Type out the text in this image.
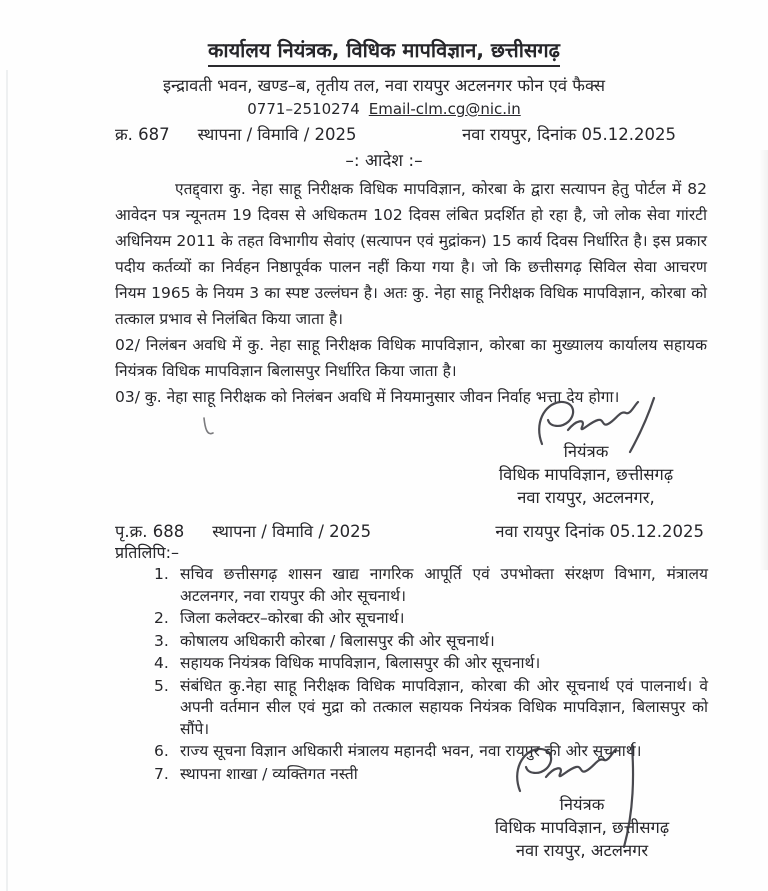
कार्यालय नियंत्रक, विधिक मापविज्ञान, छत्तीसगढ़
इन्द्रावती भवन, खण्ड–ब, तृतीय तल, नवा रायपुर अटलनगर फोन एवं फैक्स
0771–2510274 Email-clm.cg@nic.in
क्र. 687 स्थापना / विमावि / 2025	नवा रायपुर, दिनांक 05.12.2025
–: आदेश :–

एतद्द्वारा कु. नेहा साहू निरीक्षक विधिक मापविज्ञान, कोरबा के द्वारा सत्यापन हेतु पोर्टल में 82 आवेदन पत्र न्यूनतम 19 दिवस से अधिकतम 102 दिवस लंबित प्रदर्शित हो रहा है, जो लोक सेवा गांरटी अधिनियम 2011 के तहत विभागीय सेवांए (सत्यापन एवं मुद्रांकन) 15 कार्य दिवस निर्धारित है। इस प्रकार पदीय कर्तव्यों का निर्वहन निष्ठापूर्वक पालन नहीं किया गया है। जो कि छत्तीसगढ़ सिविल सेवा आचरण नियम 1965 के नियम 3 का स्पष्ट उल्लंघन है। अतः कु. नेहा साहू निरीक्षक विधिक मापविज्ञान, कोरबा को तत्काल प्रभाव से निलंबित किया जाता है।

02/ निलंबन अवधि में कु. नेहा साहू निरीक्षक विधिक मापविज्ञान, कोरबा का मुख्यालय कार्यालय सहायक नियंत्रक विधिक मापविज्ञान बिलासपुर निर्धारित किया जाता है।

03/ कु. नेहा साहू निरीक्षक को निलंबन अवधि में नियमानुसार जीवन निर्वाह भत्ता देय होगा।

नियंत्रक
विधिक मापविज्ञान, छत्तीसगढ़
नवा रायपुर, अटलनगर,
पृ.क्र. 688 स्थापना / विमावि / 2025	नवा रायपुर दिनांक 05.12.2025
प्रतिलिपि:–
सचिव छत्तीसगढ़ शासन खाद्य नागरिक आपूर्ति एवं उपभोक्ता संरक्षण विभाग, मंत्रालय अटलनगर, नवा रायपुर की ओर सूचनार्थ।
जिला कलेक्टर–कोरबा की ओर सूचनार्थ।
कोषालय अधिकारी कोरबा / बिलासपुर की ओर सूचनार्थ।
सहायक नियंत्रक विधिक मापविज्ञान, बिलासपुर की ओर सूचनार्थ।
संबंधित कु.नेहा साहू निरीक्षक विधिक मापविज्ञान, कोरबा की ओर सूचनार्थ एवं पालनार्थ। वे अपनी वर्तमान सील एवं मुद्रा को तत्काल सहायक नियंत्रक विधिक मापविज्ञान, बिलासपुर को सौंपे।
राज्य सूचना विज्ञान अधिकारी मंत्रालय महानदी भवन, नवा रायपुर की ओर सूचनार्थ।
स्थापना शाखा / व्यक्तिगत नस्ती
नियंत्रक
विधिक मापविज्ञान, छत्तीसगढ़
नवा रायपुर, अटलनगर
